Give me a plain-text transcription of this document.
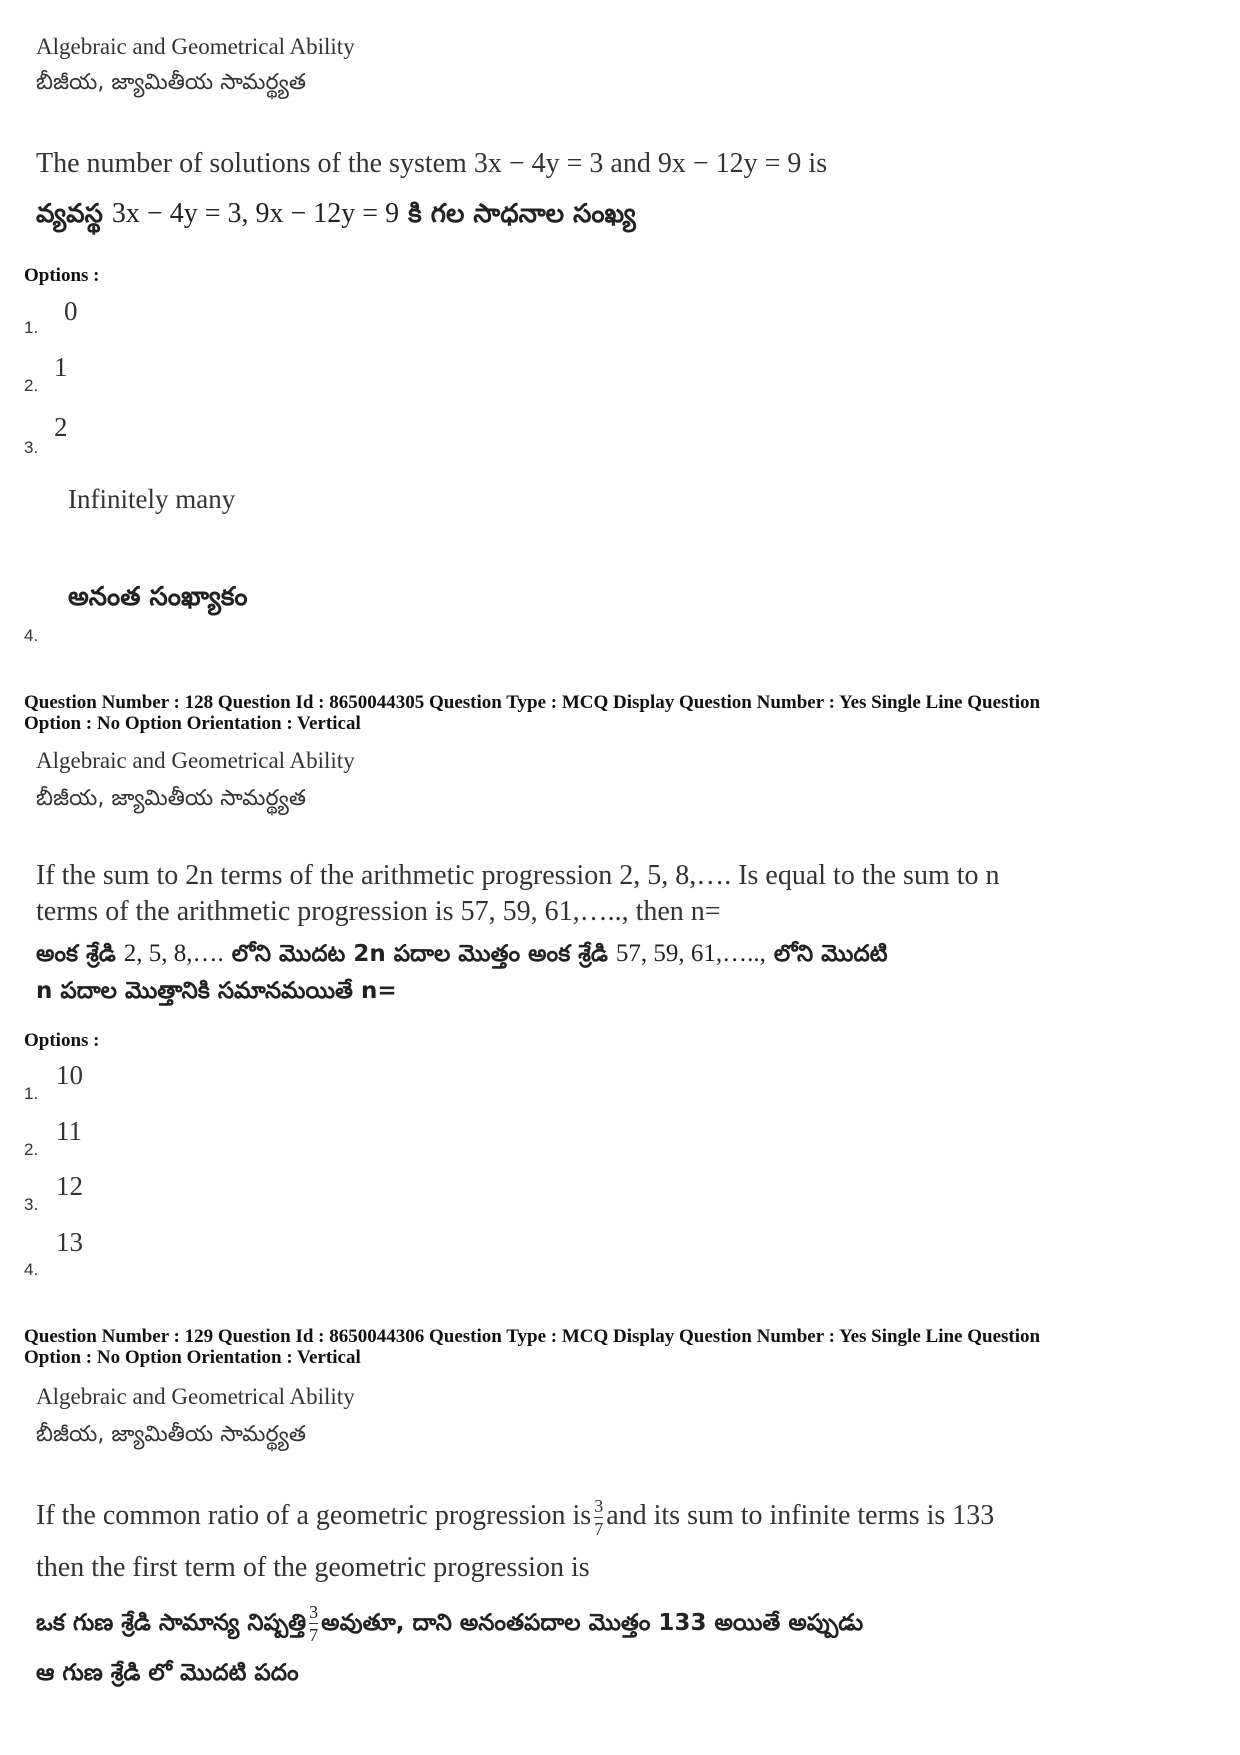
Algebraic and Geometrical Ability
బీజీయ, జ్యామితీయ సామర్థ్యత
The number of solutions of the system 3x − 4y = 3 and 9x − 12y = 9 is
వ్యవస్థ 3x − 4y = 3, 9x − 12y = 9 కి గల సాధనాల సంఖ్య
Options :
1.
0
2.
1
3.
2
Infinitely many
అనంత సంఖ్యాకం
4.
Question Number : 128 Question Id : 8650044305 Question Type : MCQ Display Question Number : Yes Single Line Question
Option : No Option Orientation : Vertical
Algebraic and Geometrical Ability
బీజీయ, జ్యామితీయ సామర్థ్యత
If the sum to 2n terms of the arithmetic progression 2, 5, 8,…. Is equal to the sum to n
terms of the arithmetic progression is 57, 59, 61,….., then n=
అంక శ్రేడి 2, 5, 8,…. లోని మొదట 2n పదాల మొత్తం అంక శ్రేడి 57, 59, 61,….., లోని మొదటి
n పదాల మొత్తానికి సమానమయితే n=
Options :
1.
10
2.
11
3.
12
13
4.
Question Number : 129 Question Id : 8650044306 Question Type : MCQ Display Question Number : Yes Single Line Question
Option : No Option Orientation : Vertical
Algebraic and Geometrical Ability
బీజీయ, జ్యామితీయ సామర్థ్యత
If the common ratio of a geometric progression is $\frac{3}{7}$ and its sum to infinite terms is 133
then the first term of the geometric progression is
ఒక గుణ శ్రేడి సామాన్య నిష్పత్తి $\frac{3}{7}$ అవుతూ, దాని అనంతపదాల మొత్తం 133 అయితే అప్పుడు
ఆ గుణ శ్రేడి లో మొదటి పదం
